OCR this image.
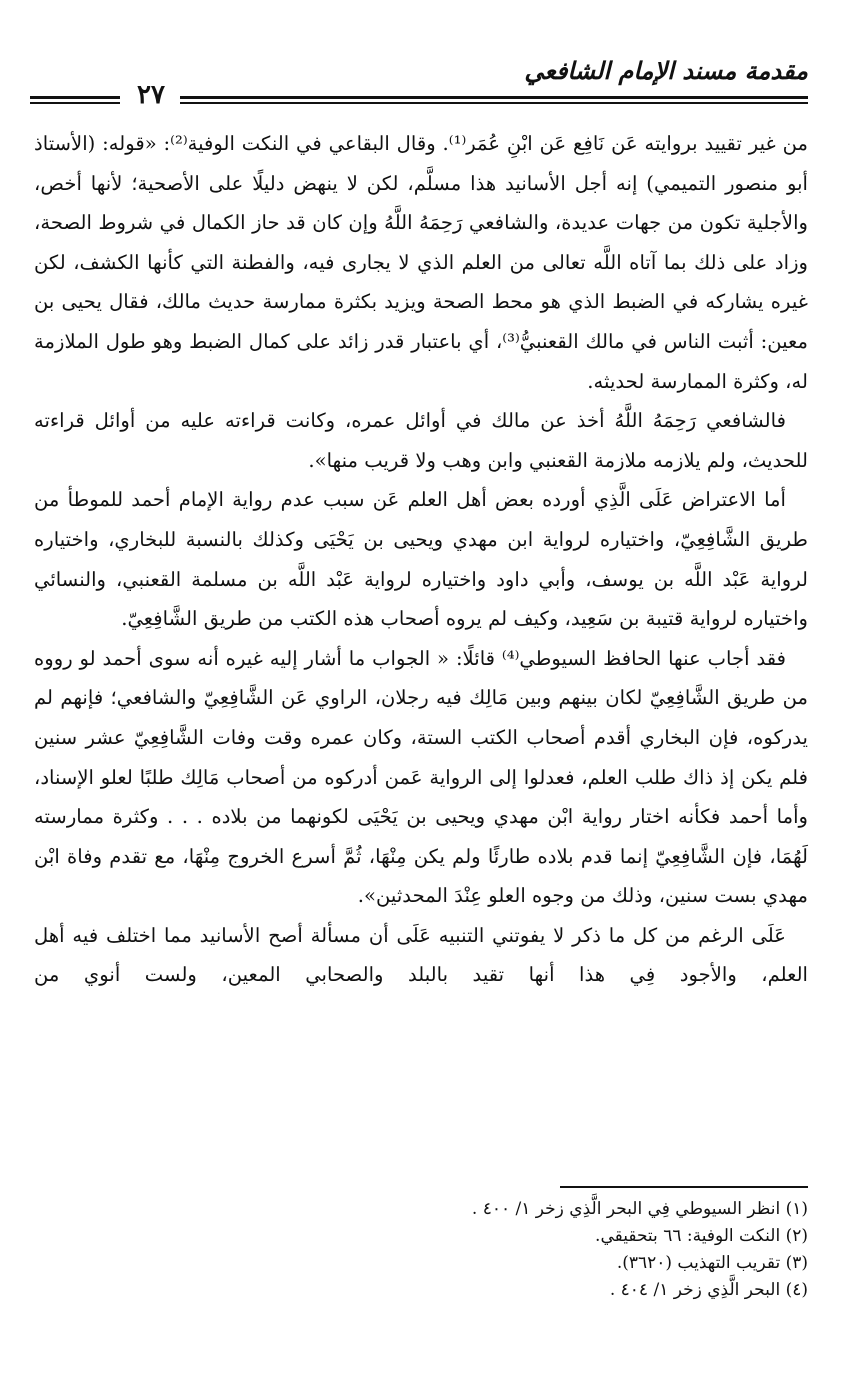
مقدمة مسند الإمام الشافعي
٢٧

من غير تقييد بروايته عَن نَافِع عَن ابْنِ عُمَر⁽¹⁾. وقال البقاعي في النكت الوفية⁽²⁾: «قوله: (الأستاذ أبو منصور التميمي) إنه أجل الأسانيد هذا مسلَّم، لكن لا ينهض دليلًا على الأصحية؛ لأنها أخص، والأجلية تكون من جهات عديدة، والشافعي رَحِمَهُ اللَّهُ وإن كان قد حاز الكمال في شروط الصحة، وزاد على ذلك بما آتاه اللَّه تعالى من العلم الذي لا يجارى فيه، والفطنة التي كأنها الكشف، لكن غيره يشاركه في الضبط الذي هو محط الصحة ويزيد بكثرة ممارسة حديث مالك، فقال يحيى بن معين: أثبت الناس في مالك القعنبيُّ⁽³⁾، أي باعتبار قدر زائد على كمال الضبط وهو طول الملازمة له، وكثرة الممارسة لحديثه.

فالشافعي رَحِمَهُ اللَّهُ أخذ عن مالك في أوائل عمره، وكانت قراءته عليه من أوائل قراءته للحديث، ولم يلازمه ملازمة القعنبي وابن وهب ولا قريب منها».

أما الاعتراض عَلَى الَّذِي أورده بعض أهل العلم عَن سبب عدم رواية الإمام أحمد للموطأ من طريق الشَّافِعِيّ، واختياره لرواية ابن مهدي ويحيى بن يَحْيَى وكذلك بالنسبة للبخاري، واختياره لرواية عَبْد اللَّه بن يوسف، وأبي داود واختياره لرواية عَبْد اللَّه بن مسلمة القعنبي، والنسائي واختياره لرواية قتيبة بن سَعِيد، وكيف لم يروه أصحاب هذه الكتب من طريق الشَّافِعِيّ.

فقد أجاب عنها الحافظ السيوطي⁽⁴⁾ قائلًا: « الجواب ما أشار إليه غيره أنه سوى أحمد لو رووه من طريق الشَّافِعِيّ لكان بينهم وبين مَالِك فيه رجلان، الراوي عَن الشَّافِعِيّ والشافعي؛ فإنهم لم يدركوه، فإن البخاري أقدم أصحاب الكتب الستة، وكان عمره وقت وفات الشَّافِعِيّ عشر سنين فلم يكن إذ ذاك طلب العلم، فعدلوا إلى الرواية عَمن أدركوه من أصحاب مَالِك طلبًا لعلو الإسناد، وأما أحمد فكأنه اختار رواية ابْن مهدي ويحيى بن يَحْيَى لكونهما من بلاده . . . وكثرة ممارسته لَهُمَا، فإن الشَّافِعِيّ إنما قدم بلاده طارئًا ولم يكن مِنْهَا، ثُمَّ أسرع الخروج مِنْهَا، مع تقدم وفاة ابْن مهدي بست سنين، وذلك من وجوه العلو عِنْدَ المحدثين».

عَلَى الرغم من كل ما ذكر لا يفوتني التنبيه عَلَى أن مسألة أصح الأسانيد مما اختلف فيه أهل العلم، والأجود فِي هذا أنها تقيد بالبلد والصحابي المعين، ولست أنوي من

(١) انظر السيوطي فِي البحر الَّذِي زخر ١/ ٤٠٠ .
(٢) النكت الوفية: ٦٦ بتحقيقي.
(٣) تقريب التهذيب (٣٦٢٠).
(٤) البحر الَّذِي زخر ١/ ٤٠٤ .
